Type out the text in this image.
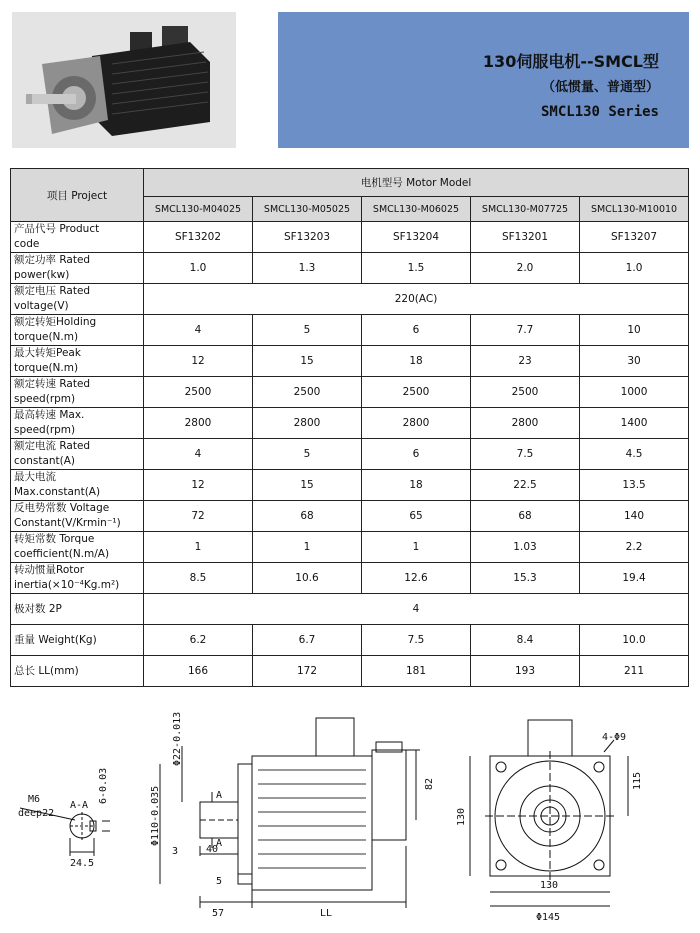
130伺服电机--SMCL型
（低惯量、普通型）
SMCL130 Series
项目 Project	电机型号 Motor Model				
	SMCL130-M04025	SMCL130-M05025	SMCL130-M06025	SMCL130-M07725	SMCL130-M10010

产品代号 Product
code	SF13202	SF13203	SF13204	SF13201	SF13207

额定功率 Rated
power(kw)	1.0	1.3	1.5	2.0	1.0

额定电压 Rated
voltage(V)	220(AC)				

额定转矩Holding
torque(N.m)	4	5	6	7.7	10

最大转矩Peak
torque(N.m)	12	15	18	23	30

额定转速 Rated
speed(rpm)	2500	2500	2500	2500	1000

最高转速 Max.
speed(rpm)	2800	2800	2800	2800	1400

额定电流 Rated
constant(A)	4	5	6	7.5	4.5

最大电流
Max.constant(A)	12	15	18	22.5	13.5

反电势常数 Voltage
Constant(V/Krmin⁻¹)	72	68	65	68	140

转矩常数 Torque
coefficient(N.m/A)	1	1	1	1.03	2.2

转动惯量Rotor
inertia(×10⁻⁴Kg.m²)	8.5	10.6	12.6	15.3	19.4

极对数 2P	4				

重量 Weight(Kg)	6.2	6.7	7.5	8.4	10.0

总长 LL(mm)	166	172	181	193	211
M6
deep22
A-A
6-0.03
24.5
Φ22-0.013
Φ110-0.035	A
A
3	40
5
57	LL
82
130
4-Φ9
115
130
Φ145
